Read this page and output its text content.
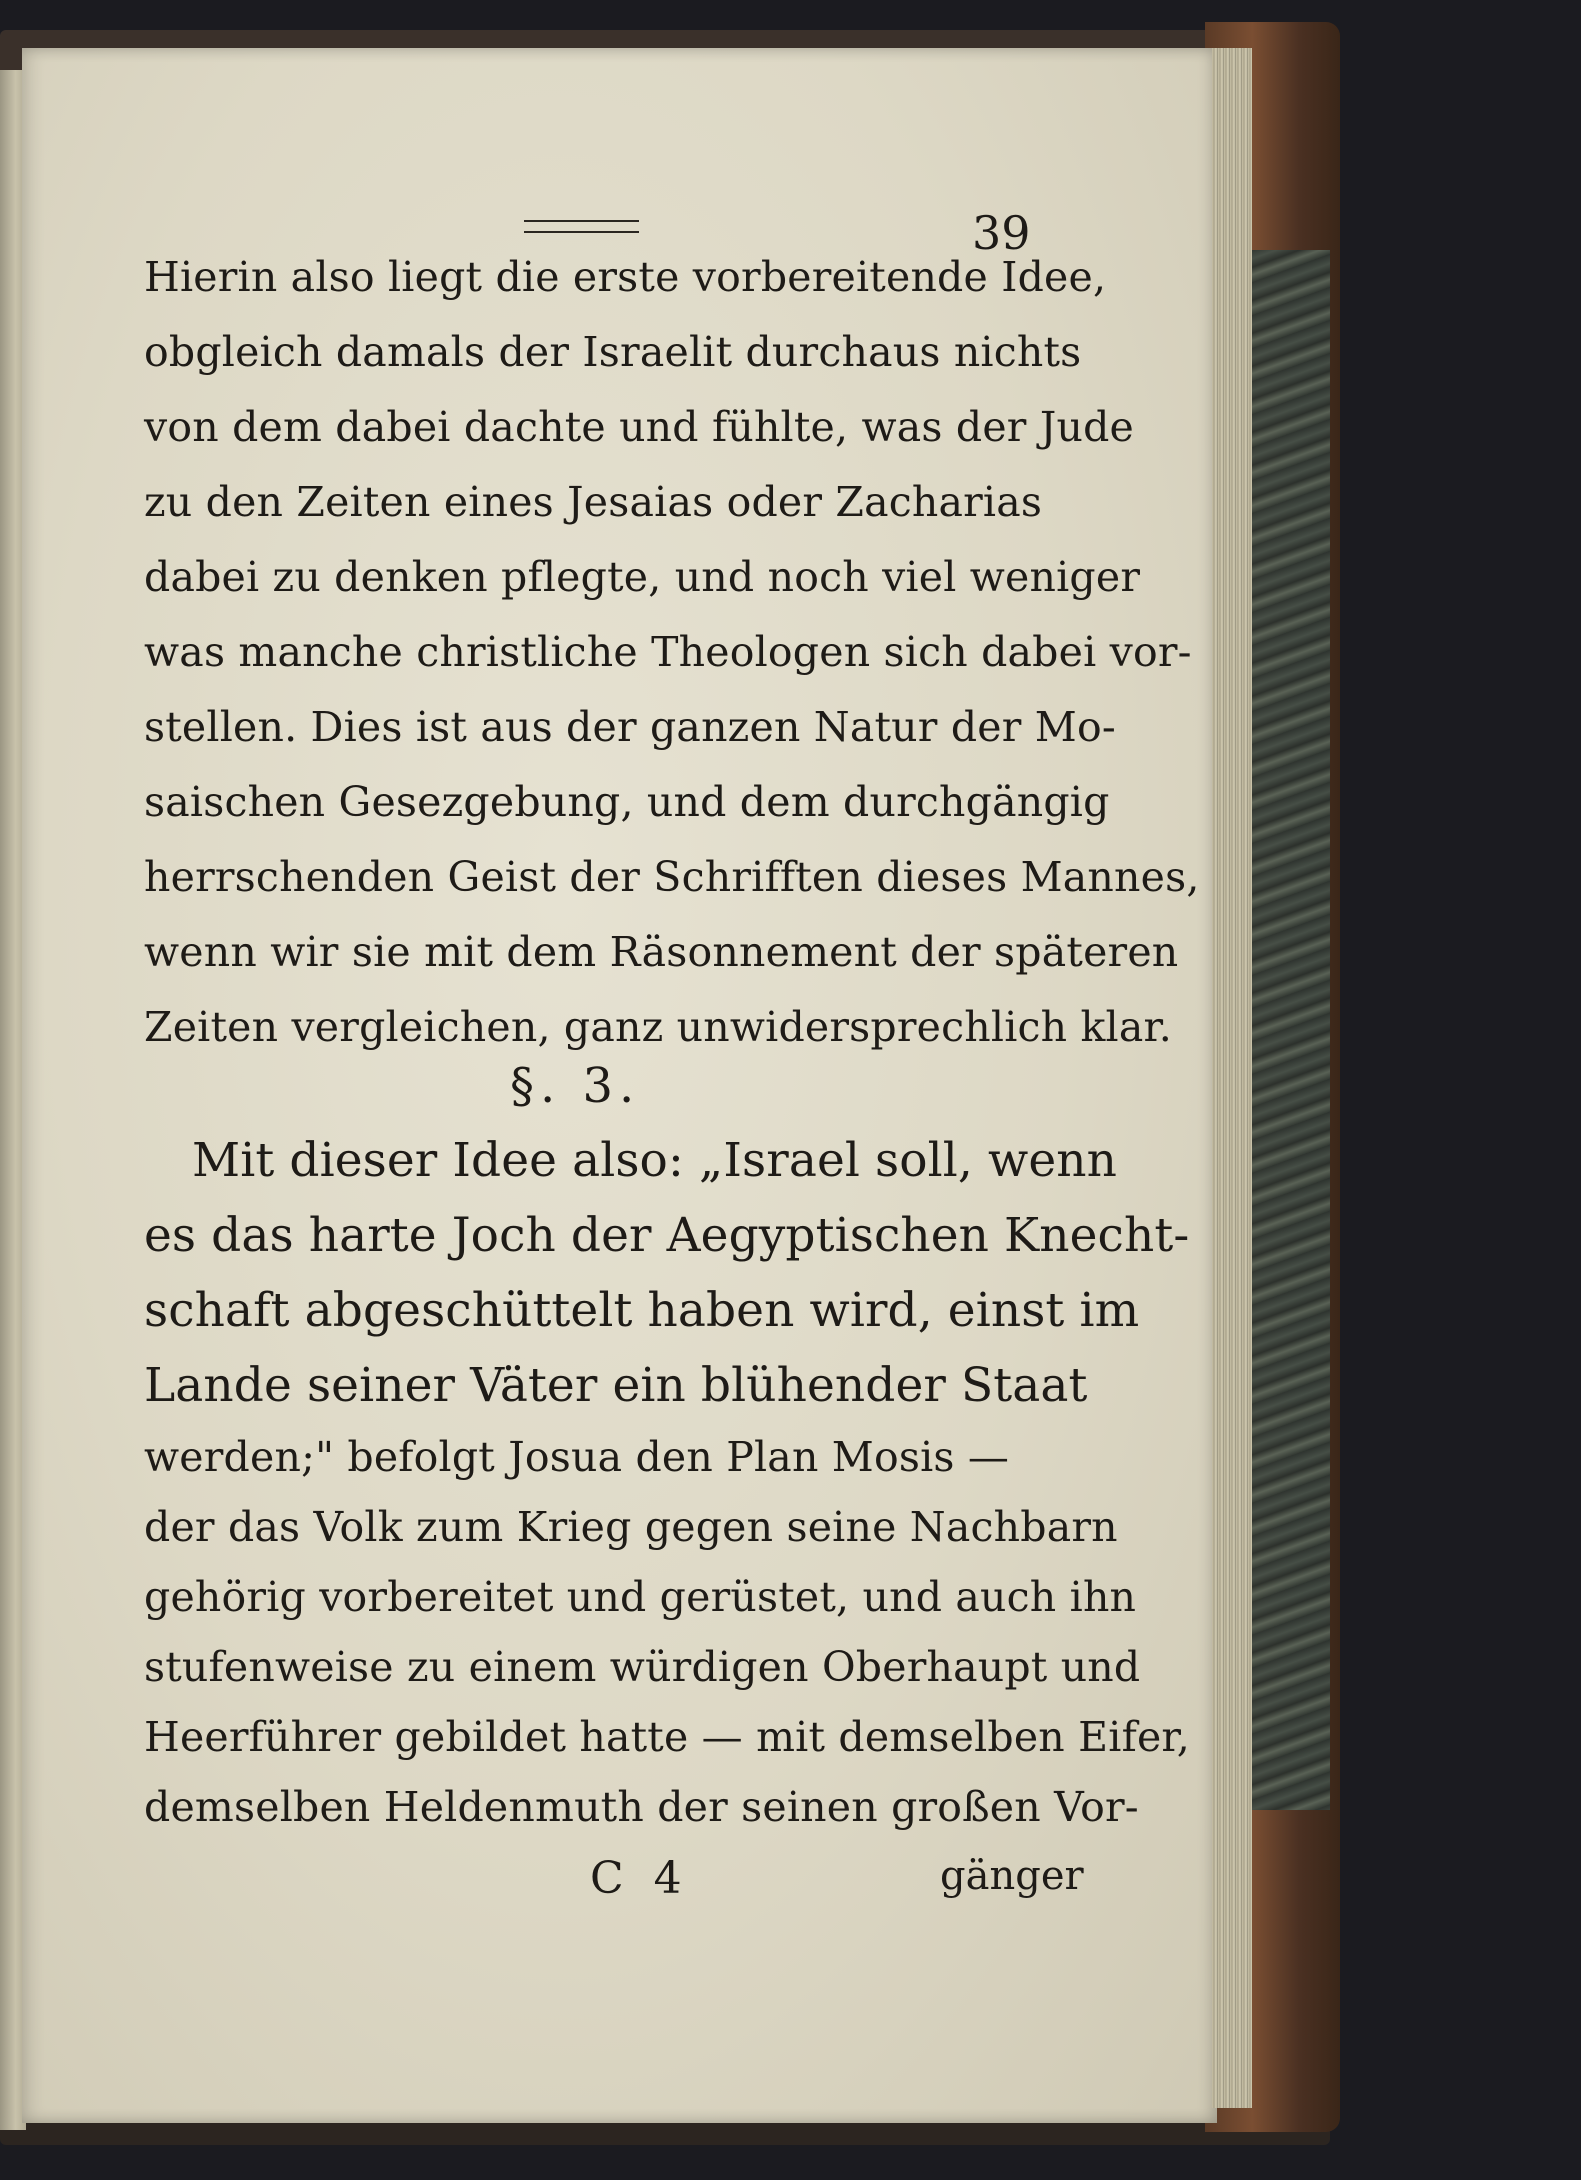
39
Hierin also liegt die erste vorbereitende Idee,
obgleich damals der Israelit durchaus nichts
von dem dabei dachte und fühlte, was der Jude
zu den Zeiten eines Jesaias oder Zacharias
dabei zu denken pflegte, und noch viel weniger
was manche christliche Theologen sich dabei vor-
stellen. Dies ist aus der ganzen Natur der Mo-
saischen Gesezgebung, und dem durchgängig
herrschenden Geist der Schrifften dieses Mannes,
wenn wir sie mit dem Räsonnement der späteren
Zeiten vergleichen, ganz unwidersprechlich klar.
§. 3.
Mit dieser Idee also: „Israel soll, wenn
es das harte Joch der Aegyptischen Knecht-
schaft abgeschüttelt haben wird, einst im
Lande seiner Väter ein blühender Staat
werden;" befolgt Josua den Plan Mosis —
der das Volk zum Krieg gegen seine Nachbarn
gehörig vorbereitet und gerüstet, und auch ihn
stufenweise zu einem würdigen Oberhaupt und
Heerführer gebildet hatte — mit demselben Eifer,
C 4	gänger
demselben Heldenmuth der seinen großen Vor-
